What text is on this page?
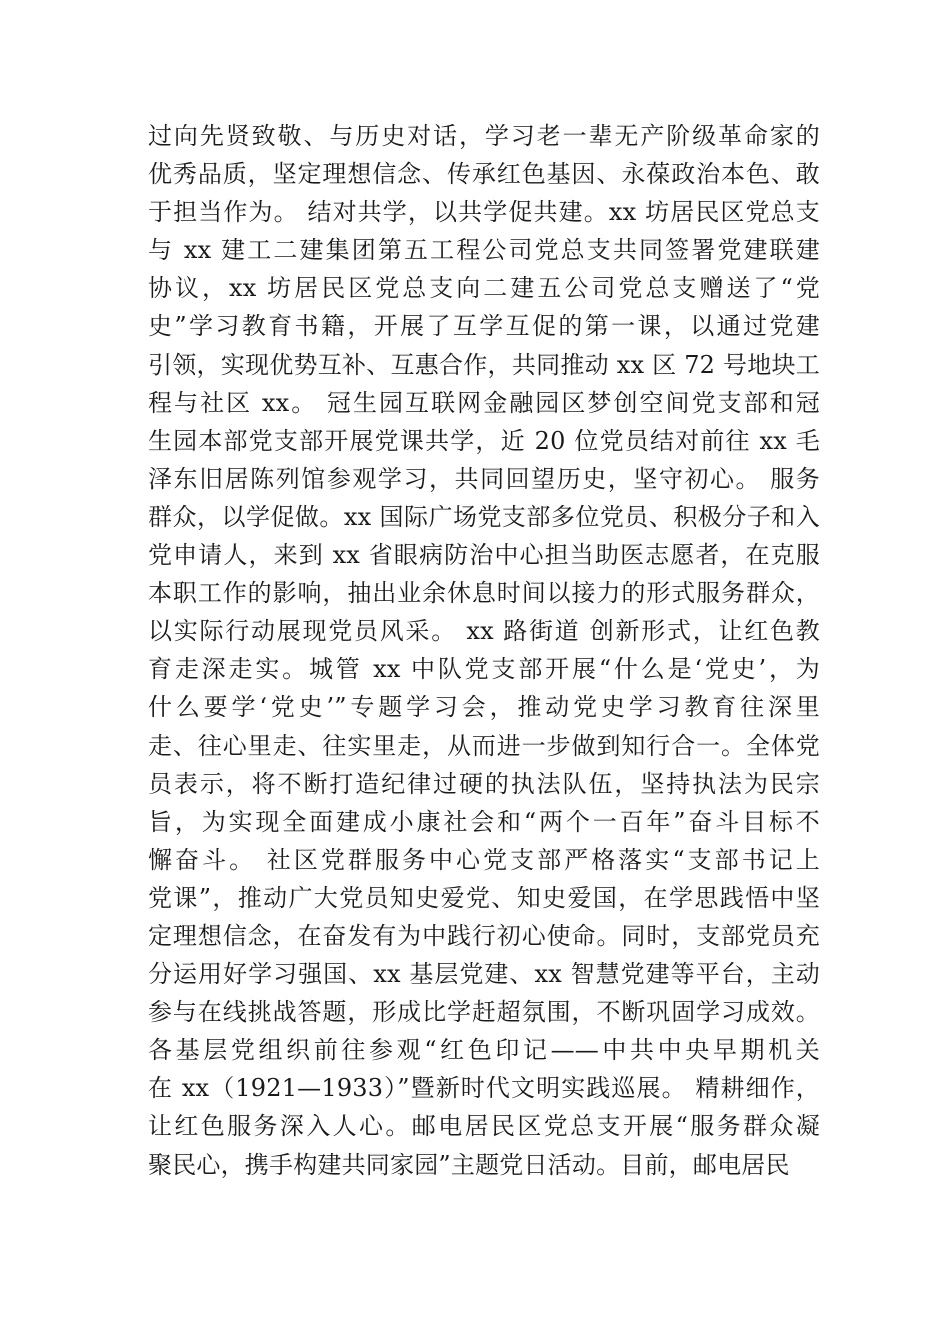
过向先贤致敬、与历史对话，学习老一辈无产阶级革命家的
优秀品质，坚定理想信念、传承红色基因、永葆政治本色、敢
于担当作为。 结对共学，以共学促共建。xx 坊居民区党总支
与 xx 建工二建集团第五工程公司党总支共同签署党建联建
协议，xx 坊居民区党总支向二建五公司党总支赠送了“党
史”学习教育书籍，开展了互学互促的第一课，以通过党建
引领，实现优势互补、互惠合作，共同推动 xx 区 72 号地块工
程与社区 xx。 冠生园互联网金融园区梦创空间党支部和冠
生园本部党支部开展党课共学，近 20 位党员结对前往 xx 毛
泽东旧居陈列馆参观学习，共同回望历史，坚守初心。 服务
群众，以学促做。xx 国际广场党支部多位党员、积极分子和入
党申请人，来到 xx 省眼病防治中心担当助医志愿者，在克服
本职工作的影响，抽出业余休息时间以接力的形式服务群众，
以实际行动展现党员风采。 xx 路街道 创新形式，让红色教
育走深走实。城管 xx 中队党支部开展“什么是‘党史’，为
什么要学‘党史’”专题学习会，推动党史学习教育往深里
走、往心里走、往实里走，从而进一步做到知行合一。全体党
员表示，将不断打造纪律过硬的执法队伍，坚持执法为民宗
旨，为实现全面建成小康社会和“两个一百年”奋斗目标不
懈奋斗。 社区党群服务中心党支部严格落实“支部书记上
党课”，推动广大党员知史爱党、知史爱国，在学思践悟中坚
定理想信念，在奋发有为中践行初心使命。同时，支部党员充
分运用好学习强国、xx 基层党建、xx 智慧党建等平台，主动
参与在线挑战答题，形成比学赶超氛围，不断巩固学习成效。
各基层党组织前往参观“红色印记——中共中央早期机关
在 xx（1921—1933）”暨新时代文明实践巡展。 精耕细作，
让红色服务深入人心。邮电居民区党总支开展“服务群众凝
聚民心，携手构建共同家园”主题党日活动。目前，邮电居民
